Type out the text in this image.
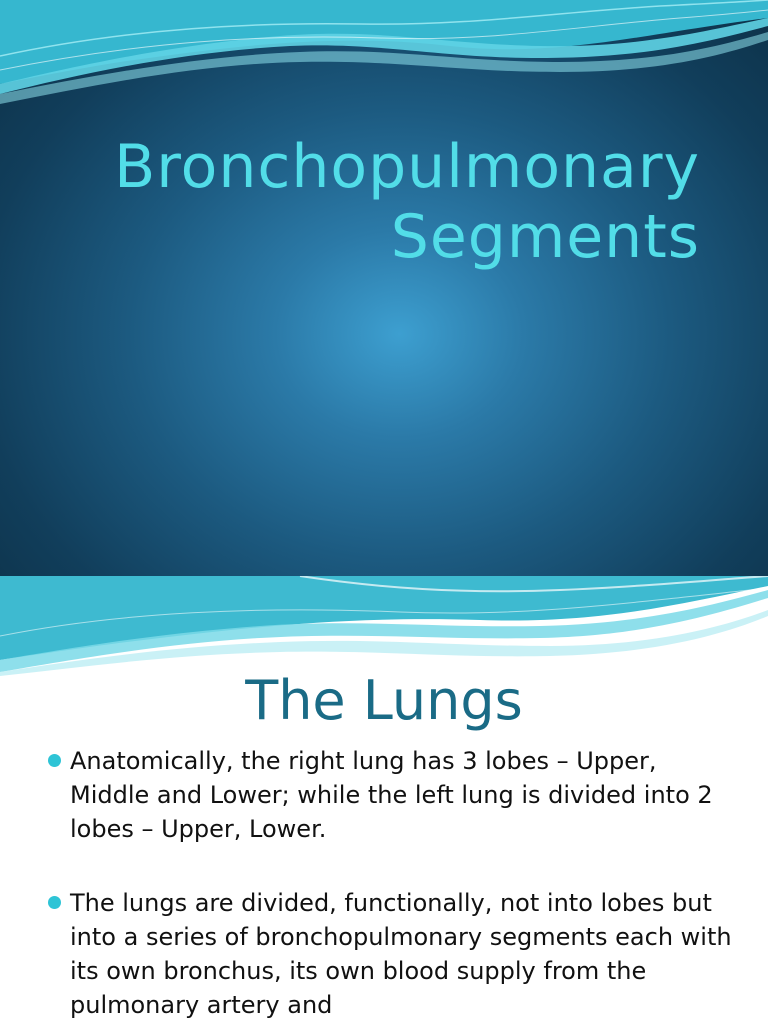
Bronchopulmonary
Segments
The Lungs
Anatomically, the right lung has 3 lobes – Upper, Middle and Lower; while the left lung is divided into 2 lobes – Upper, Lower.
The lungs are divided, functionally, not into lobes but into a series of bronchopulmonary segments each with its own bronchus, its own blood supply from the pulmonary artery and
